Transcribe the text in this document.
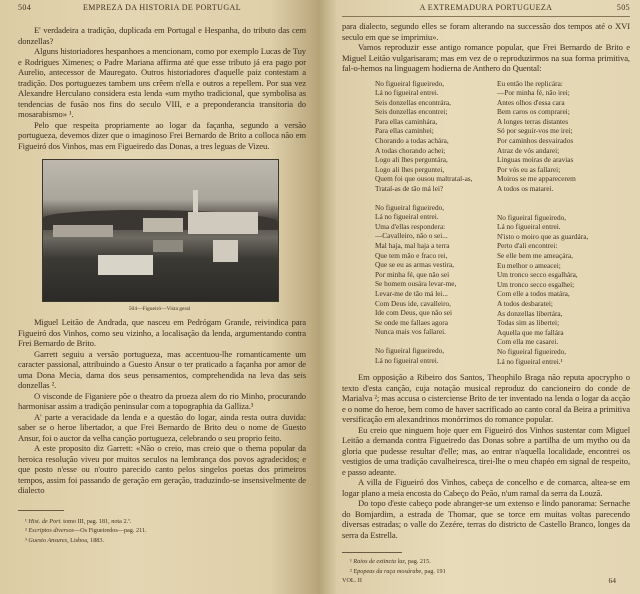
504	EMPREZA DA HISTORIA DE PORTUGAL

E' verdadeira a tradição, duplicada em Portugal e Hespanha, do tributo das cem donzellas?

Alguns historiadores hespanhoes a mencionam, como por exemplo Lucas de Tuy e Rodrigues Ximenes; o Padre Mariana affirma até que esse tributo já era pago por Aurelio, antecessor de Mauregato. Outros historiadores d'aquelle paiz contestam a tradição. Dos portuguezes tambem uns crêem n'ella e outros a repellem. Por sua vez Alexandre Herculano considera esta lenda «um mytho tradicional, que symbolisa as tendencias de fusão nos fins do seculo VIII, e a preponderancia transitoria do mosarabismo» ¹.

Pelo que respeita propriamente ao logar da façanha, segundo a versão portugueza, devemos dizer que o imaginoso Frei Bernardo de Brito a colloca não em Figueiró dos Vinhos, mas em Figueiredo das Donas, a tres leguas de Vizeu.

504—Figueiró—Vista geral

Miguel Leitão de Andrada, que nasceu em Pedrógam Grande, reivindica para Figueiró dos Vinhos, como seu vizinho, a localisação da lenda, argumentando contra Frei Bernardo de Brito.

Garrett seguiu a versão portugueza, mas accentuou-lhe romanticamente um caracter passional, attribuindo a Guesto Ansur o ter praticado a façanha por amor de uma Dona Mecia, dama dos seus pensamentos, comprehendida na leva das seis donzellas ².

O visconde de Figaniere põe o theatro da proeza alem do rio Minho, procurando harmonisar assim a tradição peninsular com a topographia da Galliza.³

A' parte a veracidade da lenda e a questão do logar, ainda resta outra duvida: saber se o heroe libertador, a que Frei Bernardo de Brito deu o nome de Guesto Ansur, foi o auctor da velha canção portugueza, celebrando o seu proprio feito.

A este proposito diz Garrett: «Não o creio, mas creio que o thema popular da heroica resolução viveu por muitos seculos na lembrança dos povos agradecidos; e que posto n'esse ou n'outro parecido canto pelos singelos poetas dos primeiros tempos, assim foi passando de geração em geração, traduzindo-se insensivelmente de dialecto

¹ Hist. de Port. tomo III, pag. 181, nota 2.ª.
² Escriptos diversos—Os Figueiredos—pag. 211.
³ Guesto Ansures, Lisboa, 1883.
A EXTREMADURA PORTUGUEZA	505

para dialecto, segundo elles se foram alterando na successão dos tempos até o XVI seculo em que se imprimiu».

Vamos reproduzir esse antigo romance popular, que Frei Bernardo de Brito e Miguel Leitão vulgarisaram; mas em vez de o reproduzirmos na sua forma primitiva, fal-o-hemos na linguagem hodierna de Anthero do Quental:

No figueiral figueiredo,
Lá no figueiral entrei.
Seis donzellas encontrára,
Seis donzellas encontrei;
Para ellas caminhára,
Para ellas caminhei;
Chorando a todas achára,
A todas chorando achei;
Logo ali lhes perguntára,
Logo ali lhes perguntei,
Quem foi que ousou maltratal-as,
Tratal-as de tão má lei?
No figueiral figueiredo,
Lá no figueiral entrei.
Uma d'ellas respondera:
—Cavalleiro, não o sei...
Mal haja, mal haja a terra
Que tem mão e fraco rei,
Que se eu as armas vestira,
Por minha fé, que não sei
Se homem ousára levar-me,
Levar-me de tão má lei...
Com Deus ide, cavalleiro,
Ide com Deus, que não sei
Se onde me fallaes agora
Nunca mais vos fallarei.
No figueiral figueiredo,
Lá no figueiral entrei.
Eu então lhe replicára:
—Por minha fé, não irei;
Antes olhos d'essa cara
Bem caros os comprarei;
A longes terras distantes
Só por seguir-vos me irei;
Por caminhos desvairados
Atraz de vós andarei;
Linguas moiras de aravias
Por vós eu as fallarei;
Moiros se me apparecerem
A todos os matarei.
No figueiral figueiredo,
Lá no figueiral entrei.
N'isto o moiro que as guardára,
Perto d'ali encontrei:
Se elle bem me ameaçára,
Eu melhor o ameacei;
Um tronco secco esgalhára,
Um tronco secco esgalhei;
Com elle a todos matára,
A todos desbaratei;
As donzellas libertára,
Todas sim as libertei;
Aquella que me fallára
Com ella me casarei.
No figueiral figueiredo,
Lá no figueiral entrei.¹

Em opposição a Ribeiro dos Santos, Theophilo Braga não reputa apocrypho o texto d'esta canção, cuja notação musical reproduz do cancioneiro do conde de Marialva ²; mas accusa o cisterciense Brito de ter inventado na lenda o logar da acção e o nome do heroe, bem como de haver sacrificado ao canto coral da Beira a primitiva versificação em alexandrinos monórrimos do romance popular.

Eu creio que ninguem hoje quer em Figueiró dos Vinhos sustentar com Miguel Leitão a demanda contra Figueiredo das Donas sobre a partilha de um mytho ou da gloria que pudesse resultar d'elle; mas, ao entrar n'aquella localidade, encontrei os vestigios de uma tradição cavalheiresca, tirei-lhe o meu chapéo em signal de respeito, e passo adeante.

A villa de Figueiró dos Vinhos, cabeça de concelho e de comarca, altea-se em logar plano a meia encosta do Cabeço do Peão, n'um ramal da serra da Louzã.

Do topo d'este cabeço pode abranger-se um extenso e lindo panorama: Sernache do Bomjardim, a estrada de Thomar, que se torce em muitas voltas parecendo diversas estradas; o valle do Zezére, terras do districto de Castello Branco, longes da serra da Estrella.

¹ Raios de extincta luz, pag. 215.
² Epopeas da raça mosárabe, pag. 191
VOL. II	64
